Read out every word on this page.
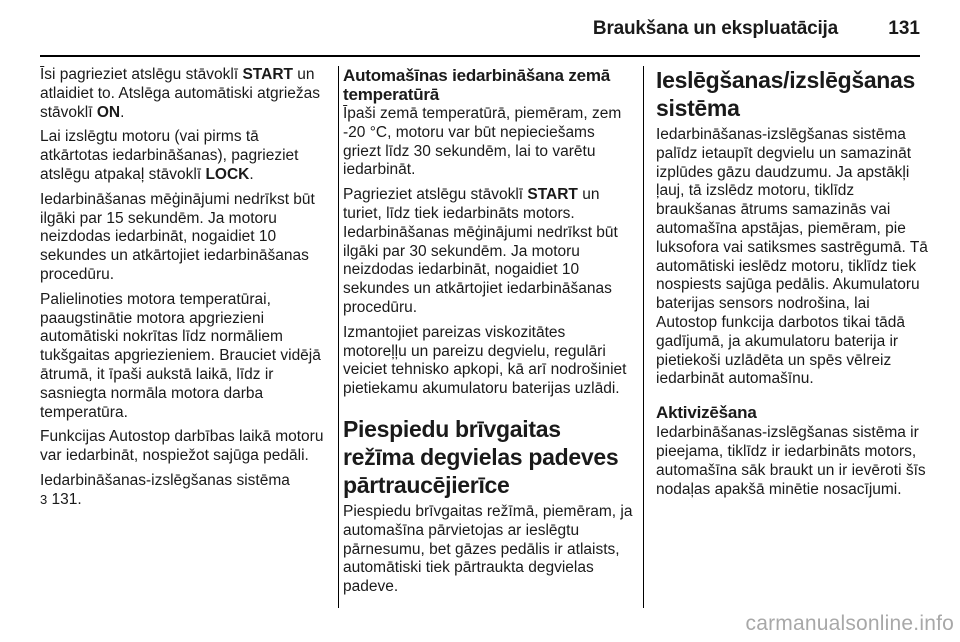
Braukšana un ekspluatācija	131

Īsi pagrieziet atslēgu stāvoklī START un atlaidiet to. Atslēga automātiski atgriežas stāvoklī ON.

Lai izslēgtu motoru (vai pirms tā atkārtotas iedarbināšanas), pagrieziet atslēgu atpakaļ stāvoklī LOCK.

Iedarbināšanas mēģinājumi nedrīkst būt ilgāki par 15 sekundēm. Ja motoru neizdodas iedarbināt, nogaidiet 10 sekundes un atkārtojiet iedarbināšanas procedūru.

Palielinoties motora temperatūrai, paaugstinātie motora apgriezieni automātiski nokrītas līdz normāliem tukšgaitas apgriezieniem. Brauciet vidējā ātrumā, it īpaši aukstā laikā, līdz ir sasniegta normāla motora darba temperatūra.

Funkcijas Autostop darbības laikā motoru var iedarbināt, nospiežot sajūga pedāli.

Iedarbināšanas-izslēgšanas sistēma
3 131.

Automašīnas iedarbināšana zemā temperatūrā

Īpaši zemā temperatūrā, piemēram, zem -20 °C, motoru var būt nepieciešams griezt līdz 30 sekundēm, lai to varētu iedarbināt.

Pagrieziet atslēgu stāvoklī START un turiet, līdz tiek iedarbināts motors. Iedarbināšanas mēģinājumi nedrīkst būt ilgāki par 30 sekundēm. Ja motoru neizdodas iedarbināt, nogaidiet 10 sekundes un atkārtojiet iedarbināšanas procedūru.

Izmantojiet pareizas viskozitātes motoreļļu un pareizu degvielu, regulāri veiciet tehnisko apkopi, kā arī nodrošiniet pietiekamu akumulatoru baterijas uzlādi.

Piespiedu brīvgaitas režīma degvielas padeves pārtraucējierīce

Piespiedu brīvgaitas režīmā, piemēram, ja automašīna pārvietojas ar ieslēgtu pārnesumu, bet gāzes pedālis ir atlaists, automātiski tiek pārtraukta degvielas padeve.

Ieslēgšanas/izslēgšanas sistēma

Iedarbināšanas-izslēgšanas sistēma palīdz ietaupīt degvielu un samazināt izplūdes gāzu daudzumu. Ja apstākļi ļauj, tā izslēdz motoru, tiklīdz braukšanas ātrums samazinās vai automašīna apstājas, piemēram, pie luksofora vai satiksmes sastrēgumā. Tā automātiski ieslēdz motoru, tiklīdz tiek nospiests sajūga pedālis. Akumulatoru baterijas sensors nodrošina, lai Autostop funkcija darbotos tikai tādā gadījumā, ja akumulatoru baterija ir pietiekoši uzlādēta un spēs vēlreiz iedarbināt automašīnu.

Aktivizēšana

Iedarbināšanas-izslēgšanas sistēma ir pieejama, tiklīdz ir iedarbināts motors, automašīna sāk braukt un ir ievēroti šīs nodaļas apakšā minētie nosacījumi.

carmanualsonline.info
